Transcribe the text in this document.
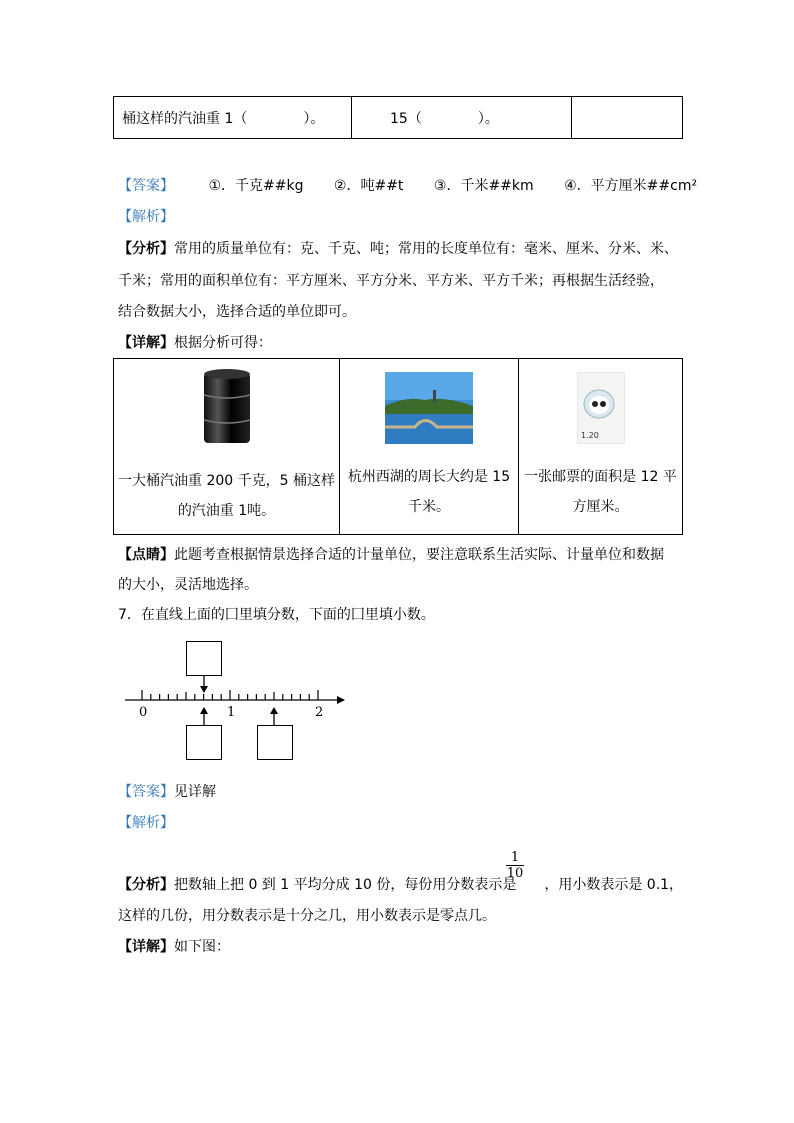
桶这样的汽油重 1（　　　　）。	15（　　　　）。	
【答案】 ①．千克##kg ②．吨##t ③．千米##km ④．平方厘米##cm²
【解析】
【分析】常用的质量单位有：克、千克、吨；常用的长度单位有：毫米、厘米、分米、米、
千米；常用的面积单位有：平方厘米、平方分米、平方米、平方千米；再根据生活经验，
结合数据大小，选择合适的单位即可。
【详解】根据分析可得：
一大桶汽油重 200 千克，5 桶这样
的汽油重 1吨。

杭州西湖的周长大约是 15
千米。

1.20
一张邮票的面积是 12 平
方厘米。
【点睛】此题考查根据情景选择合适的计量单位，要注意联系生活实际、计量单位和数据
的大小，灵活地选择。
7．在直线上面的囗里填分数，下面的囗里填小数。
0	1	2
【答案】见详解
【解析】
$\frac{1}{10}$
【分析】把数轴上把 0 到 1 平均分成 10 份，每份用分数表示是 ，用小数表示是 0.1，
这样的几份，用分数表示是十分之几，用小数表示是零点几。
【详解】如下图：
